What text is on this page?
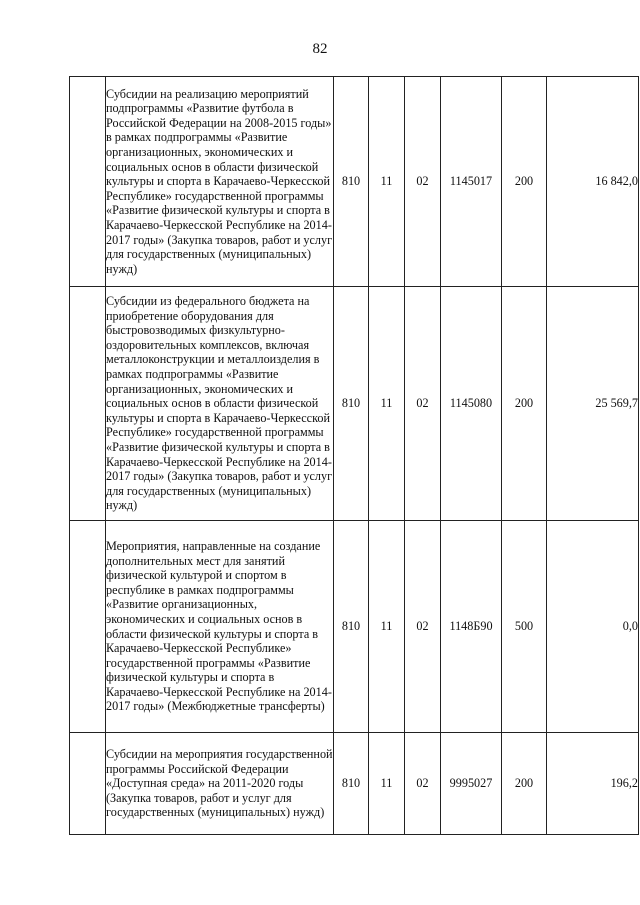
82
	Субсидии на реализацию мероприятий подпрограммы «Развитие футбола в Российской Федерации на 2008-2015 годы» в рамках подпрограммы «Развитие организационных, экономических и социальных основ в области физической культуры и спорта в Карачаево-Черкесской Республике» государственной программы «Развитие физической культуры и спорта в Карачаево-Черкесской Республике на 2014-2017 годы» (Закупка товаров, работ и услуг для государственных (муниципальных) нужд)	810	11	02	1145017	200	16 842,0
	Субсидии из федерального бюджета на приобретение оборудования для быстровозводимых физкультурно-оздоровительных комплексов, включая металлоконструкции и металлоизделия в рамках подпрограммы «Развитие организационных, экономических и социальных основ в области физической культуры и спорта в Карачаево-Черкесской Республике» государственной программы «Развитие физической культуры и спорта в Карачаево-Черкесской Республике на 2014-2017 годы» (Закупка товаров, работ и услуг для государственных (муниципальных) нужд)	810	11	02	1145080	200	25 569,7
	Мероприятия, направленные на создание дополнительных мест для занятий физической культурой и спортом в республике в рамках подпрограммы «Развитие организационных, экономических и социальных основ в области физической культуры и спорта в Карачаево-Черкесской Республике» государственной программы «Развитие физической культуры и спорта в Карачаево-Черкесской Республике на 2014-2017 годы» (Межбюджетные трансферты)	810	11	02	1148Б90	500	0,0
	Субсидии на мероприятия государственной программы Российской Федерации «Доступная среда» на 2011-2020 годы (Закупка товаров, работ и услуг для государственных (муниципальных) нужд)	810	11	02	9995027	200	196,2
